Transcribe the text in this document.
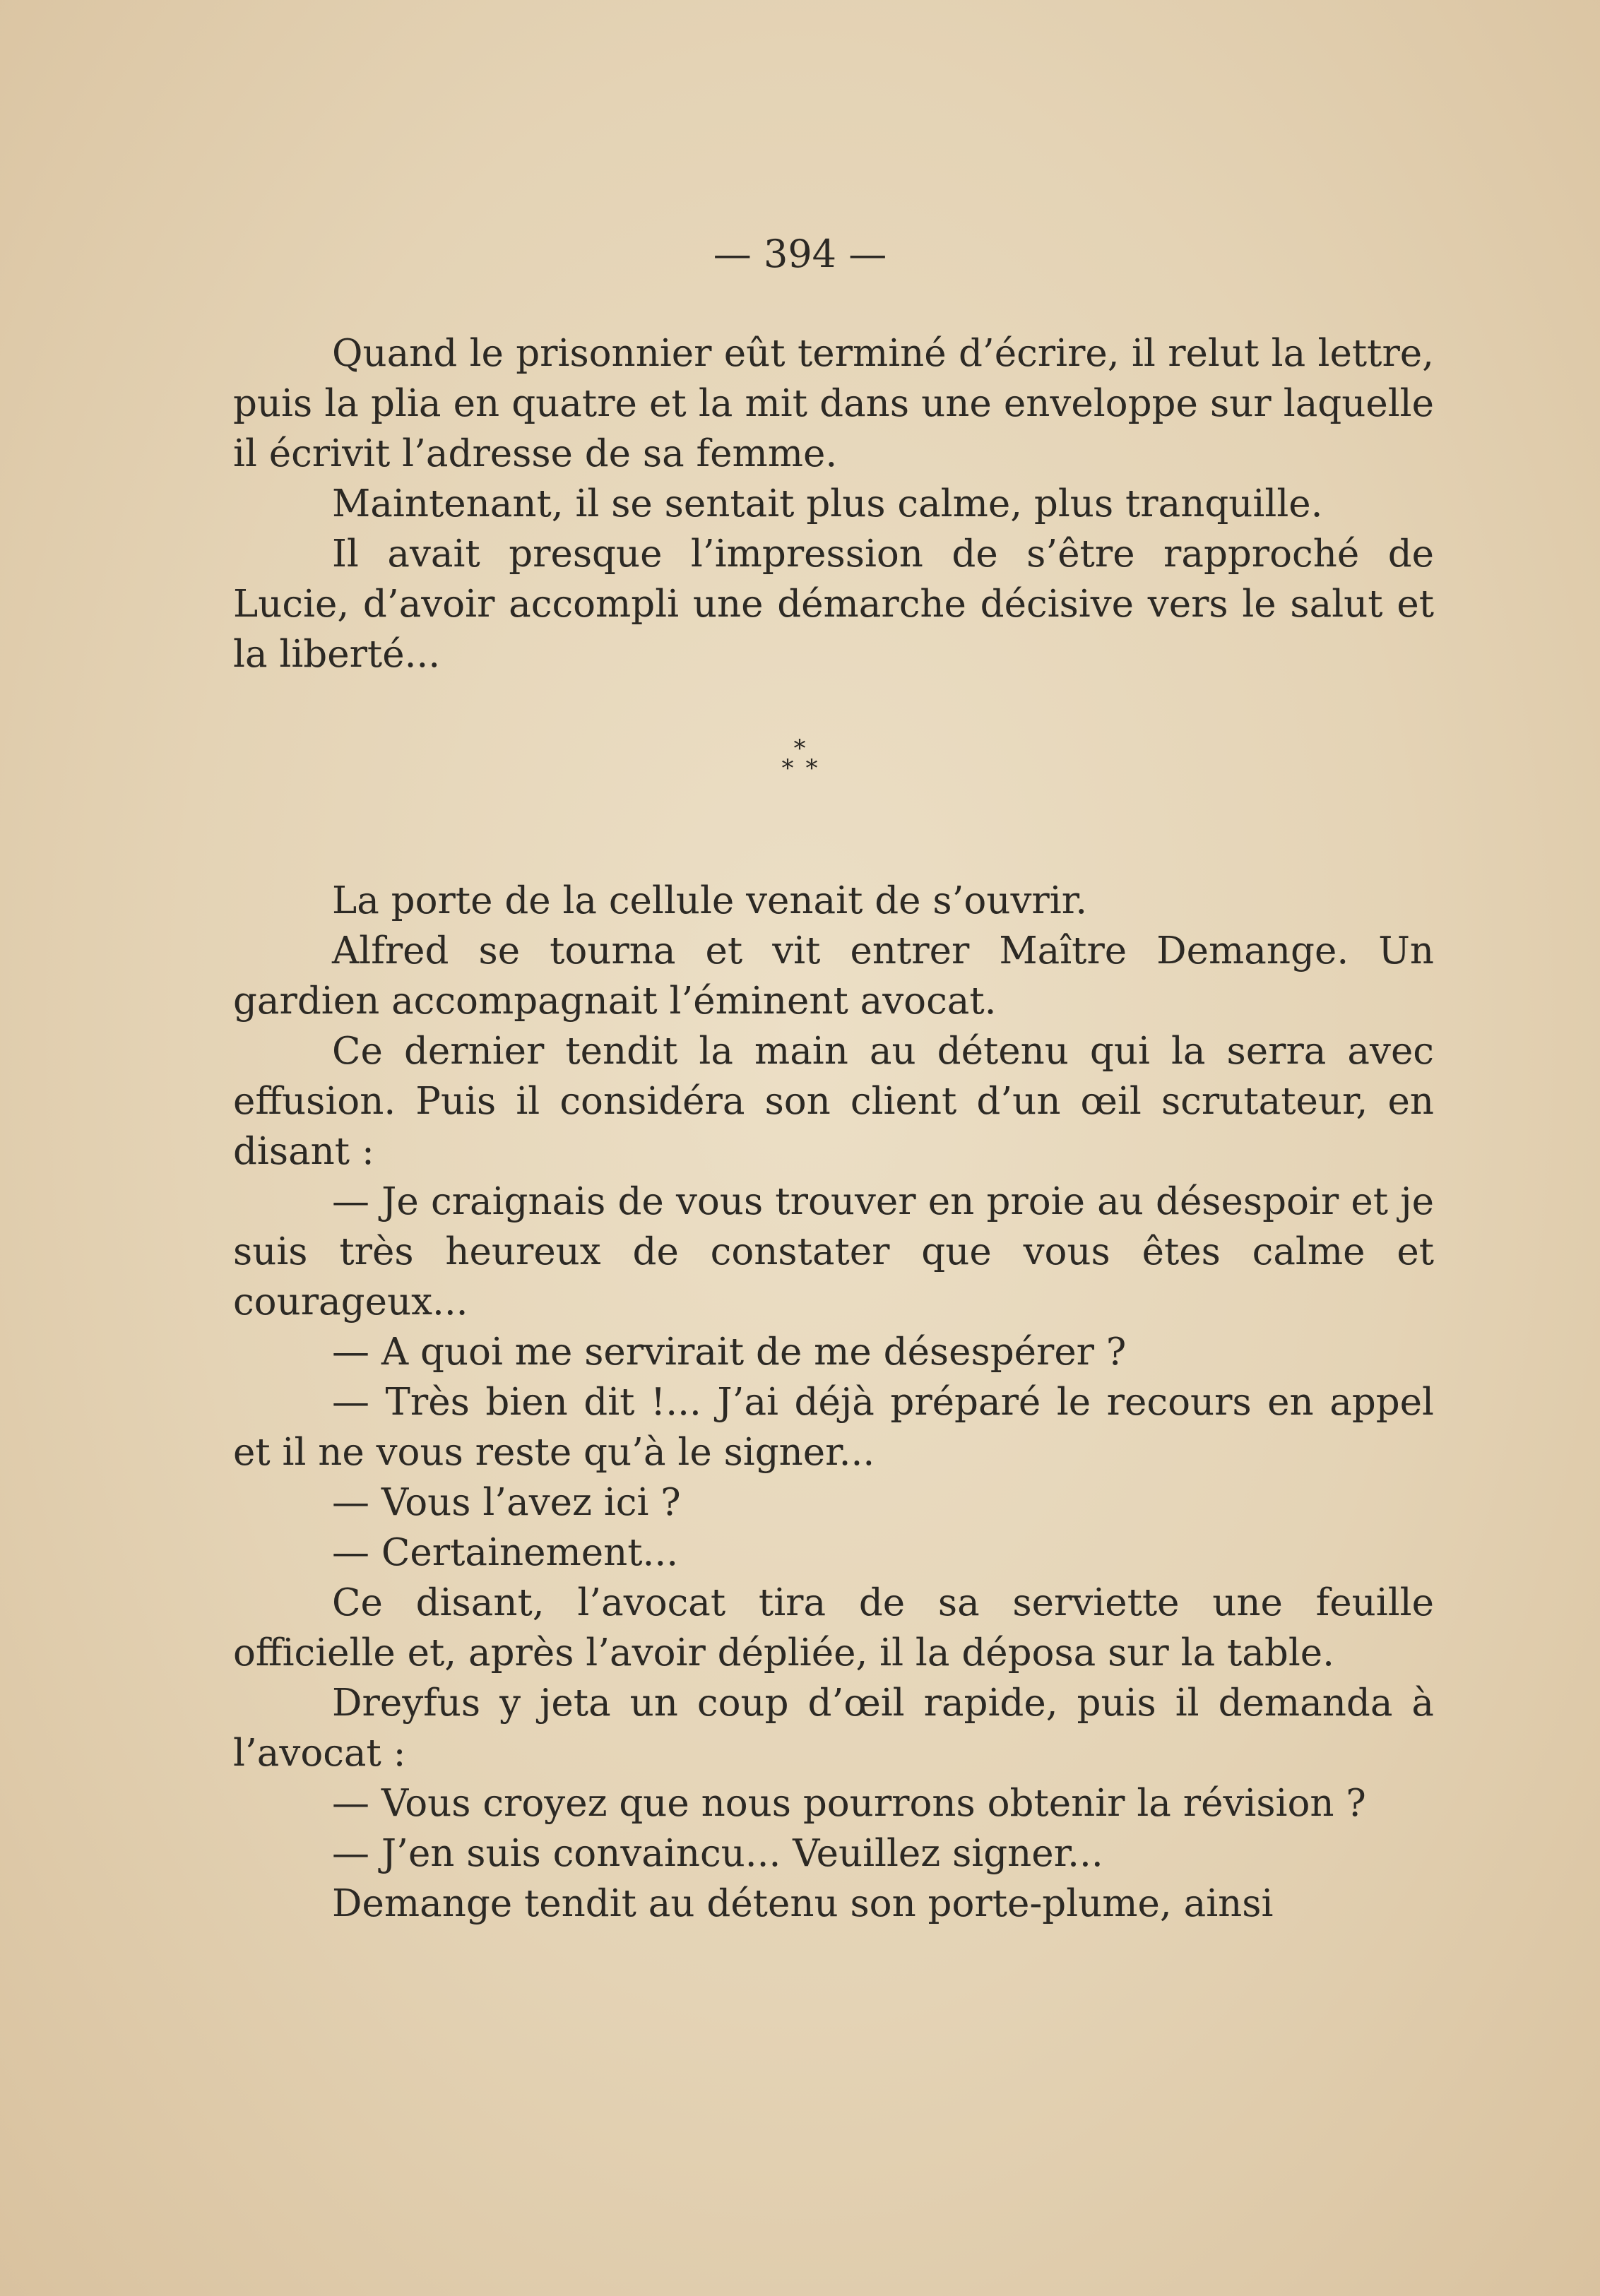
— 394 —

Quand le prisonnier eût terminé d’écrire, il relut la lettre, puis la plia en quatre et la mit dans une enveloppe sur laquelle il écrivit l’adresse de sa femme.

Maintenant, il se sentait plus calme, plus tranquille.

Il avait presque l’impression de s’être rapproché de Lucie, d’avoir accompli une démarche décisive vers le salut et la liberté...

*
* *

La porte de la cellule venait de s’ouvrir.

Alfred se tourna et vit entrer Maître Demange. Un gardien accompagnait l’éminent avocat.

Ce dernier tendit la main au détenu qui la serra avec effusion. Puis il considéra son client d’un œil scrutateur, en disant :

— Je craignais de vous trouver en proie au désespoir et je suis très heureux de constater que vous êtes calme et courageux...

— A quoi me servirait de me désespérer ?

— Très bien dit !... J’ai déjà préparé le recours en appel et il ne vous reste qu’à le signer...

— Vous l’avez ici ?

— Certainement...

Ce disant, l’avocat tira de sa serviette une feuille officielle et, après l’avoir dépliée, il la déposa sur la table.

Dreyfus y jeta un coup d’œil rapide, puis il demanda à l’avocat :

— Vous croyez que nous pourrons obtenir la révision ?

— J’en suis convaincu... Veuillez signer...

Demange tendit au détenu son porte-plume, ainsi
